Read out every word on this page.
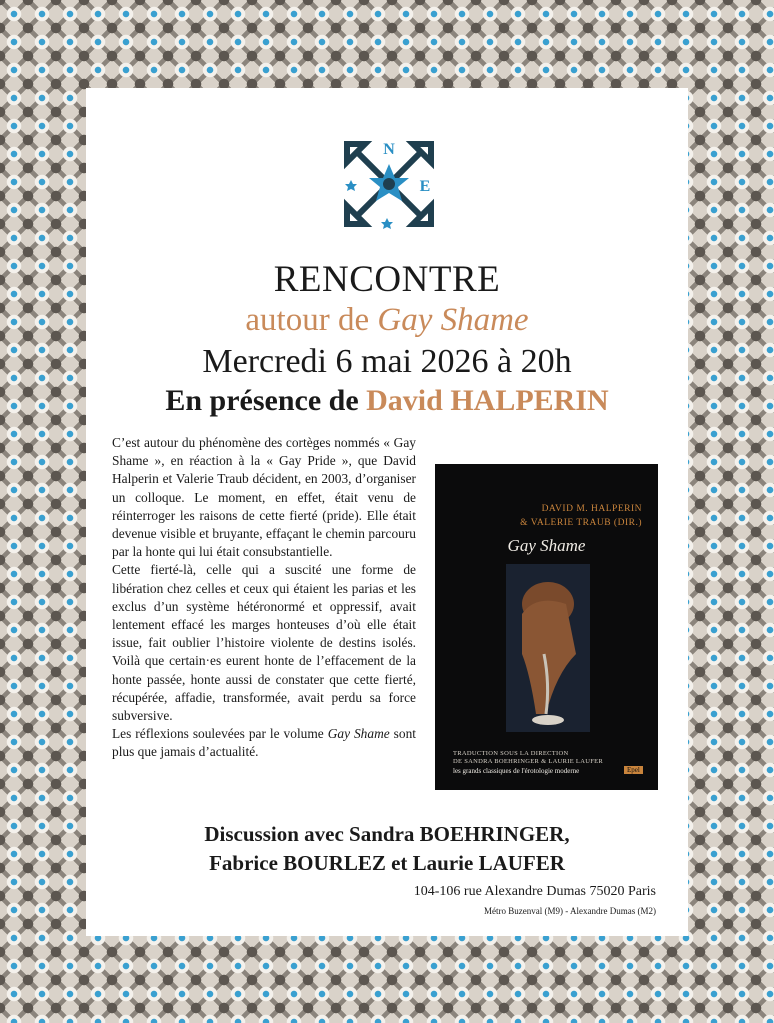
N
E
RENCONTRE
autour de Gay Shame
Mercredi 6 mai 2026 à 20h
En présence de David HALPERIN

C’est autour du phénomène des cortèges nommés « Gay Shame », en réaction à la « Gay Pride », que David Halperin et Valerie Traub décident, en 2003, d’organiser un colloque. Le moment, en effet, était venu de réinterroger les raisons de cette fierté (pride). Elle était devenue visible et bruyante, effaçant le chemin parcouru par la honte qui lui était consubstantielle.

Cette fierté-là, celle qui a suscité une forme de libération chez celles et ceux qui étaient les parias et les exclus d’un système hétéronormé et oppressif, avait lentement effacé les marges honteuses d’où elle était issue, fait oublier l’histoire violente de destins isolés. Voilà que certain·es eurent honte de l’effacement de la honte passée, honte aussi de constater que cette fierté, récupérée, affadie, transformée, avait perdu sa force subversive.

Les réflexions soulevées par le volume Gay Shame sont plus que jamais d’actualité.

DAVID M. HALPERIN
& VALERIE TRAUB (DIR.)
Gay Shame
TRADUCTION SOUS LA DIRECTION
DE SANDRA BOEHRINGER & LAURIE LAUFER
les grands classiques de l'érotologie moderne	Epel
Discussion avec Sandra BOEHRINGER,
Fabrice BOURLEZ et Laurie LAUFER
104-106 rue Alexandre Dumas 75020 Paris
Métro Buzenval (M9) - Alexandre Dumas (M2)
